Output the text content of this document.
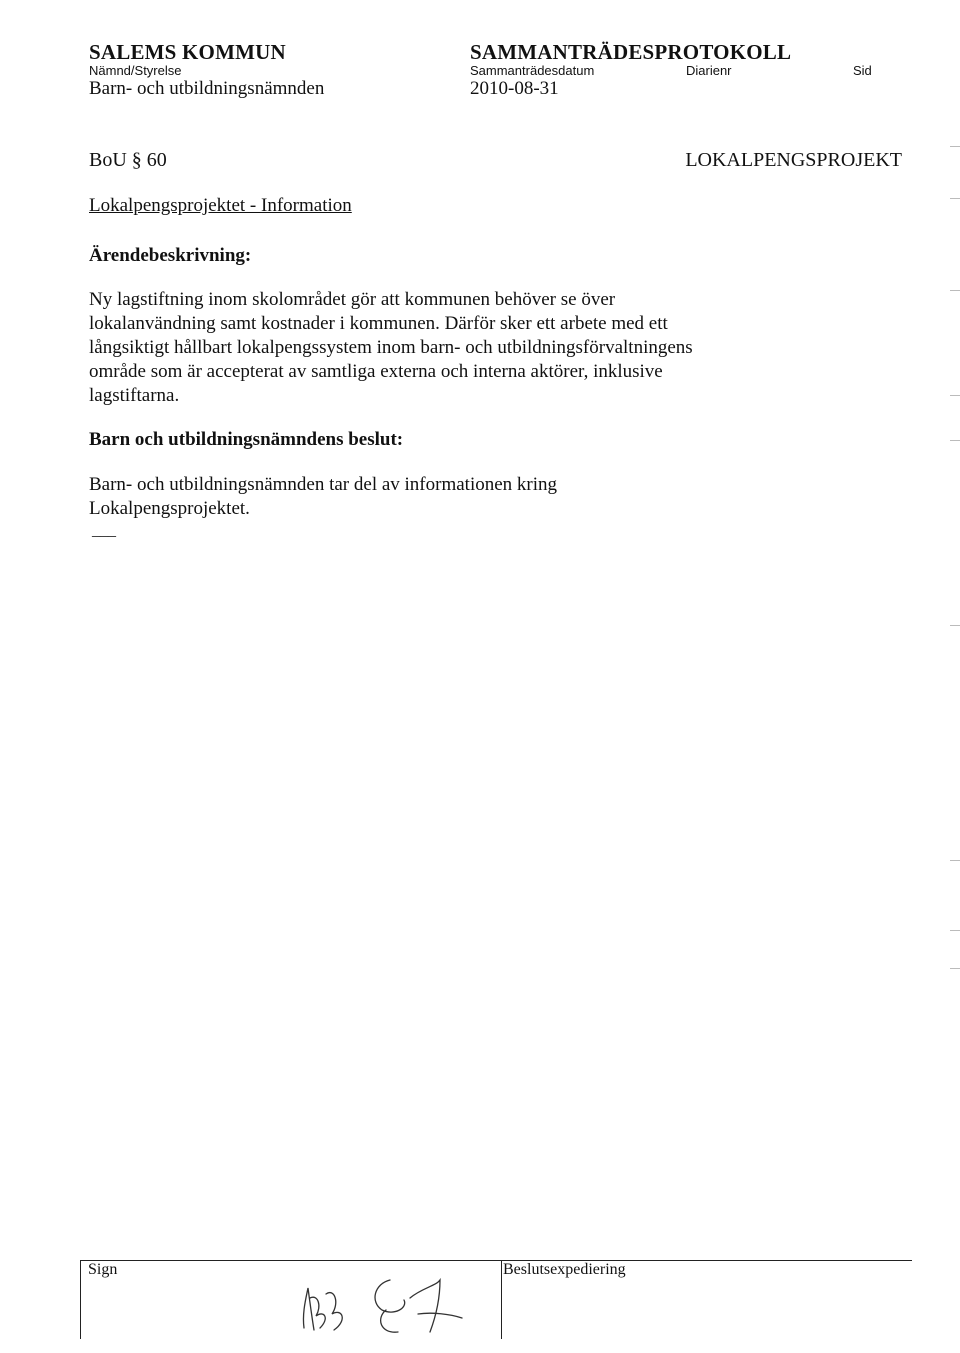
SALEMS KOMMUN	SAMMANTRÄDESPROTOKOLL
Nämnd/Styrelse	Sammanträdesdatum	Diarienr	Sid
Barn- och utbildningsnämnden	2010-08-31
BoU § 60	LOKALPENGSPROJEKT
Lokalpengsprojektet - Information
Ärendebeskrivning:

Ny lagstiftning inom skolområdet gör att kommunen behöver se över lokalanvändning samt kostnader i kommunen. Därför sker ett arbete med ett långsiktigt hållbart lokalpengssystem inom barn- och utbildningsförvaltningens område som är accepterat av samtliga externa och interna aktörer, inklusive lagstiftarna.

Barn och utbildningsnämndens beslut:

Barn- och utbildningsnämnden tar del av informationen kring Lokalpengsprojektet.

___
Sign	Beslutsexpediering
